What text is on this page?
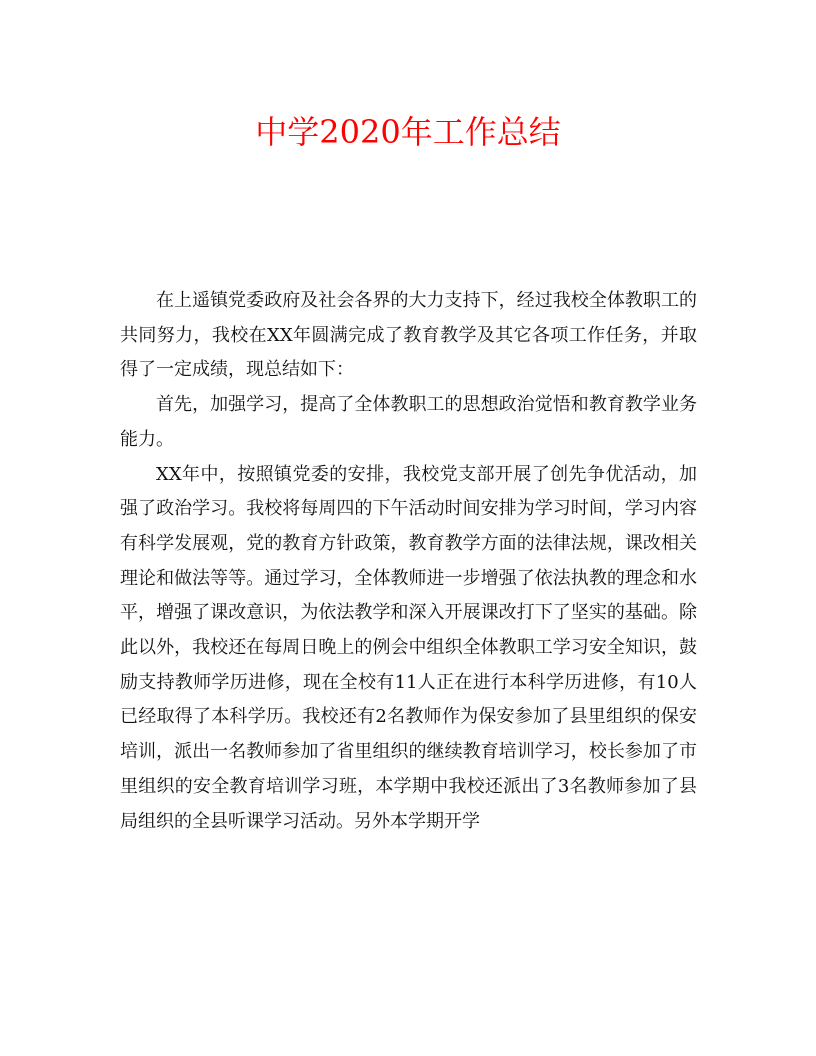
中学2020年工作总结

在上遥镇党委政府及社会各界的大力支持下，经过我校全体教职工的共同努力，我校在XX年圆满完成了教育教学及其它各项工作任务，并取得了一定成绩，现总结如下：

首先，加强学习，提高了全体教职工的思想政治觉悟和教育教学业务能力。

XX年中，按照镇党委的安排，我校党支部开展了创先争优活动，加强了政治学习。我校将每周四的下午活动时间安排为学习时间，学习内容有科学发展观，党的教育方针政策，教育教学方面的法律法规，课改相关理论和做法等等。通过学习，全体教师进一步增强了依法执教的理念和水平，增强了课改意识，为依法教学和深入开展课改打下了坚实的基础。除此以外，我校还在每周日晚上的例会中组织全体教职工学习安全知识，鼓励支持教师学历进修，现在全校有11人正在进行本科学历进修，有10人已经取得了本科学历。我校还有2名教师作为保安参加了县里组织的保安培训，派出一名教师参加了省里组织的继续教育培训学习，校长参加了市里组织的安全教育培训学习班，本学期中我校还派出了3名教师参加了县局组织的全县听课学习活动。另外本学期开学
